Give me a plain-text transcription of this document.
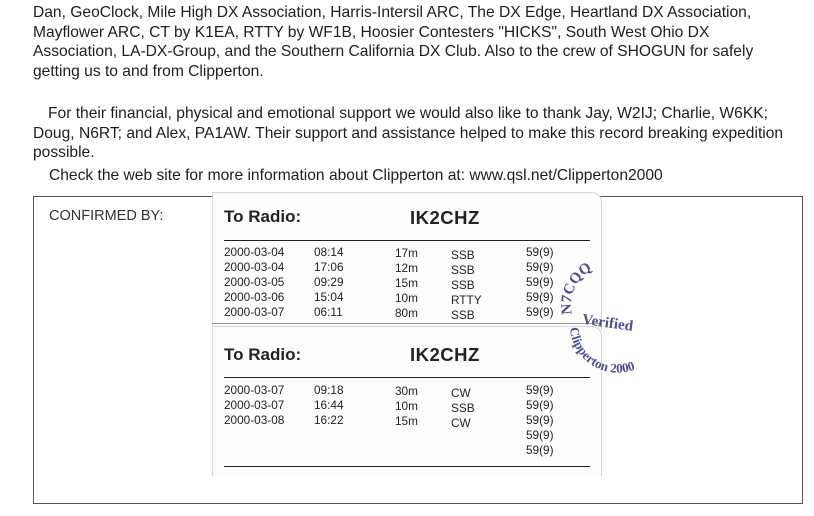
Dan, GeoClock, Mile High DX Association, Harris-Intersil ARC, The DX Edge, Heartland DX Association, Mayflower ARC, CT by K1EA, RTTY by WF1B, Hoosier Contesters "HICKS", South West Ohio DX Association, LA-DX-Group, and the Southern California DX Club. Also to the crew of SHOGUN for safely getting us to and from Clipperton.

For their financial, physical and emotional support we would also like to thank Jay, W2IJ; Charlie, W6KK; Doug, N6RT; and Alex, PA1AW. Their support and assistance helped to make this record breaking expedition possible.

Check the web site for more information about Clipperton at: www.qsl.net/Clipperton2000

CONFIRMED BY:	To Radio:	IK2CHZ
To Radio:	IK2CHZ
2000-03-04	08:14	17m	SSB	59(9)
2000-03-04	17:06	12m	SSB	59(9)
2000-03-05	09:29	15m	SSB	59(9)
2000-03-06	15:04	10m	RTTY	59(9)
2000-03-07	06:11	80m	SSB	59(9)
2000-03-07	09:18	30m	CW	59(9)
2000-03-07	16:44	10m	SSB	59(9)
2000-03-08	16:22	15m	CW	59(9)
59(9)
59(9)
N7CQQ
Verified
Clipperton 2000
